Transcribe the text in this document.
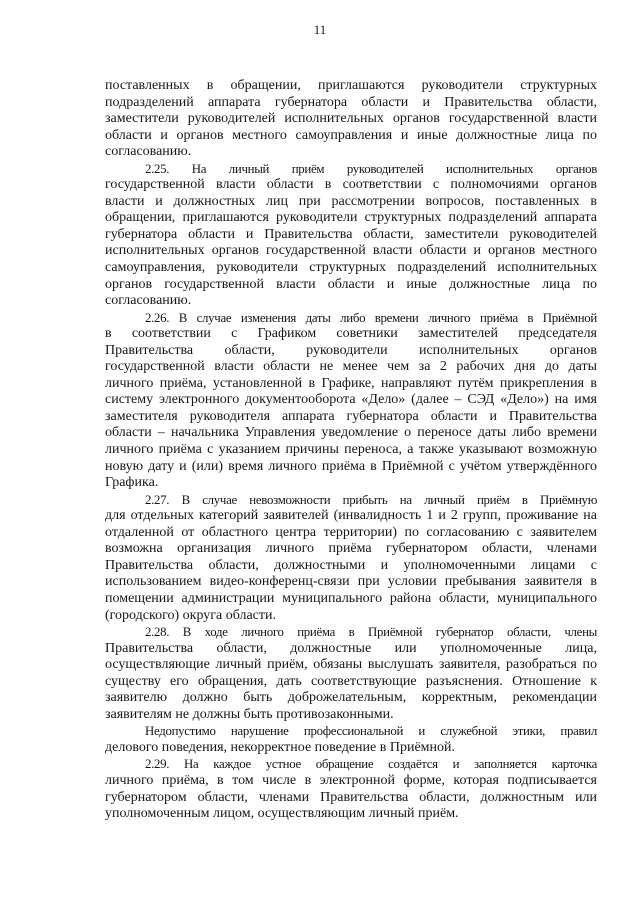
11
поставленных в обращении, приглашаются руководители структурных
подразделений аппарата губернатора области и Правительства области,
заместители руководителей исполнительных органов государственной власти
области и органов местного самоуправления и иные должностные лица по
согласованию.
2.25. На личный приём руководителей исполнительных органов
государственной власти области в соответствии с полномочиями органов
власти и должностных лиц при рассмотрении вопросов, поставленных в
обращении, приглашаются руководители структурных подразделений аппарата
губернатора области и Правительства области, заместители руководителей
исполнительных органов государственной власти области и органов местного
самоуправления, руководители структурных подразделений исполнительных
органов государственной власти области и иные должностные лица по
согласованию.
2.26. В случае изменения даты либо времени личного приёма в Приёмной
в соответствии с Графиком советники заместителей председателя
Правительства области, руководители исполнительных органов
государственной власти области не менее чем за 2 рабочих дня до даты
личного приёма, установленной в Графике, направляют путём прикрепления в
систему электронного документооборота «Дело» (далее – СЭД «Дело») на имя
заместителя руководителя аппарата губернатора области и Правительства
области – начальника Управления уведомление о переносе даты либо времени
личного приёма с указанием причины переноса, а также указывают возможную
новую дату и (или) время личного приёма в Приёмной с учётом утверждённого
Графика.
2.27. В случае невозможности прибыть на личный приём в Приёмную
для отдельных категорий заявителей (инвалидность 1 и 2 групп, проживание на
отдаленной от областного центра территории) по согласованию с заявителем
возможна организация личного приёма губернатором области, членами
Правительства области, должностными и уполномоченными лицами с
использованием видео-конференц-связи при условии пребывания заявителя в
помещении администрации муниципального района области, муниципального
(городского) округа области.
2.28. В ходе личного приёма в Приёмной губернатор области, члены
Правительства области, должностные или уполномоченные лица,
осуществляющие личный приём, обязаны выслушать заявителя, разобраться по
существу его обращения, дать соответствующие разъяснения. Отношение к
заявителю должно быть доброжелательным, корректным, рекомендации
заявителям не должны быть противозаконными.
Недопустимо нарушение профессиональной и служебной этики, правил
делового поведения, некорректное поведение в Приёмной.
2.29. На каждое устное обращение создаётся и заполняется карточка
личного приёма, в том числе в электронной форме, которая подписывается
губернатором области, членами Правительства области, должностным или
уполномоченным лицом, осуществляющим личный приём.
